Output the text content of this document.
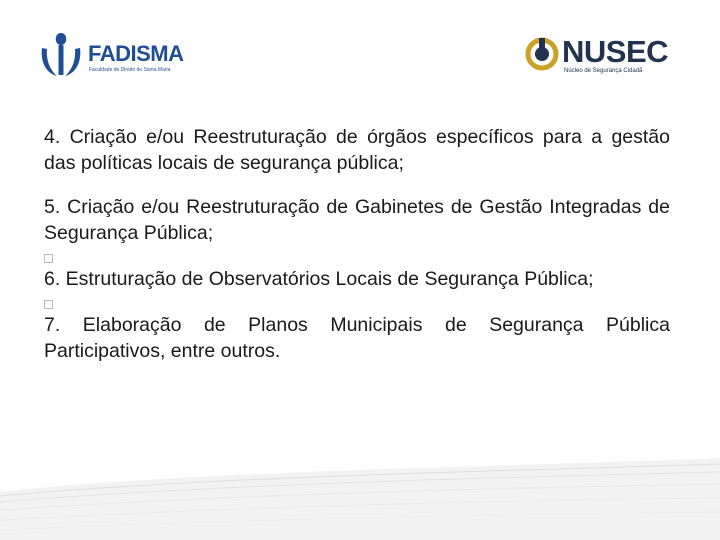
FADISMA
Faculdade de Direito de Santa Maria
NUSEC
Núcleo de Segurança Cidadã
4. Criação e/ou Reestruturação de órgãos específicos para a gestão das políticas locais de segurança pública;
5. Criação e/ou Reestruturação de Gabinetes de Gestão Integradas de Segurança Pública;
6. Estruturação de Observatórios Locais de Segurança Pública;
7. Elaboração de Planos Municipais de Segurança Pública Participativos, entre outros.
